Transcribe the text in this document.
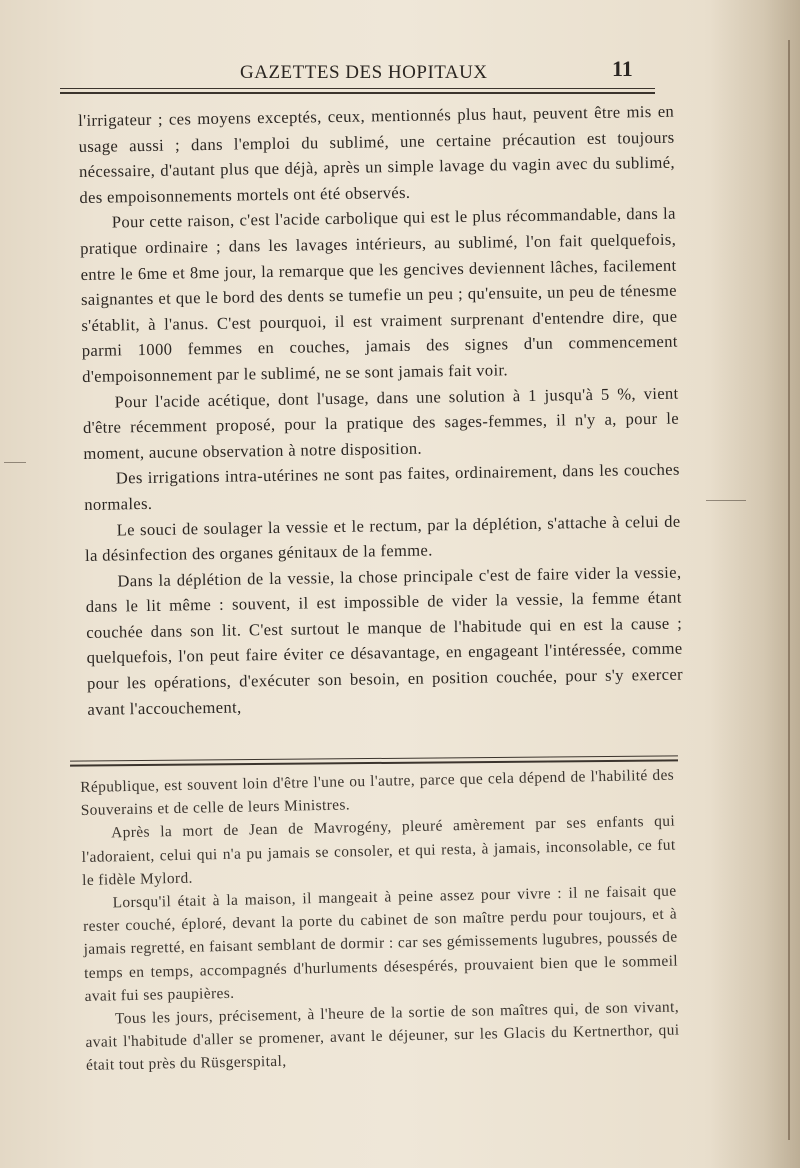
GAZETTES DES HOPITAUX	11

l'irrigateur ; ces moyens exceptés, ceux, mentionnés plus haut, peuvent être mis en usage aussi ; dans l'emploi du sublimé, une certaine précaution est toujours nécessaire, d'autant plus que déjà, après un simple lavage du vagin avec du sublimé, des empoisonnements mortels ont été observés.

Pour cette raison, c'est l'acide carbolique qui est le plus récommandable, dans la pratique ordinaire ; dans les lavages intérieurs, au sublimé, l'on fait quelquefois, entre le 6me et 8me jour, la remarque que les gencives deviennent lâches, facilement saignantes et que le bord des dents se tumefie un peu ; qu'ensuite, un peu de ténesme s'établit, à l'anus. C'est pourquoi, il est vraiment surprenant d'entendre dire, que parmi 1000 femmes en couches, jamais des signes d'un commencement d'empoisonnement par le sublimé, ne se sont jamais fait voir.

Pour l'acide acétique, dont l'usage, dans une solution à 1 jusqu'à 5 %, vient d'être récemment proposé, pour la pratique des sages-femmes, il n'y a, pour le moment, aucune observation à notre disposition.

Des irrigations intra-utérines ne sont pas faites, ordinairement, dans les couches normales.

Le souci de soulager la vessie et le rectum, par la déplétion, s'attache à celui de la désinfection des organes génitaux de la femme.

Dans la déplétion de la vessie, la chose principale c'est de faire vider la vessie, dans le lit même : souvent, il est impossible de vider la vessie, la femme étant couchée dans son lit. C'est surtout le manque de l'habitude qui en est la cause ; quelquefois, l'on peut faire éviter ce désavantage, en engageant l'intéressée, comme pour les opérations, d'exécuter son besoin, en position couchée, pour s'y exercer avant l'accouchement,

République, est souvent loin d'être l'une ou l'autre, parce que cela dépend de l'habilité des Souverains et de celle de leurs Ministres.

Après la mort de Jean de Mavrogény, pleuré amèrement par ses enfants qui l'adoraient, celui qui n'a pu jamais se consoler, et qui resta, à jamais, inconsolable, ce fut le fidèle Mylord.

Lorsqu'il était à la maison, il mangeait à peine assez pour vivre : il ne faisait que rester couché, éploré, devant la porte du cabinet de son maître perdu pour toujours, et à jamais regretté, en faisant semblant de dormir : car ses gémissements lugubres, poussés de temps en temps, accompagnés d'hurluments désespérés, prouvaient bien que le sommeil avait fui ses paupières.

Tous les jours, précisement, à l'heure de la sortie de son maîtres qui, de son vivant, avait l'habitude d'aller se promener, avant le déjeuner, sur les Glacis du Kertnerthor, qui était tout près du Rüsgerspital,
